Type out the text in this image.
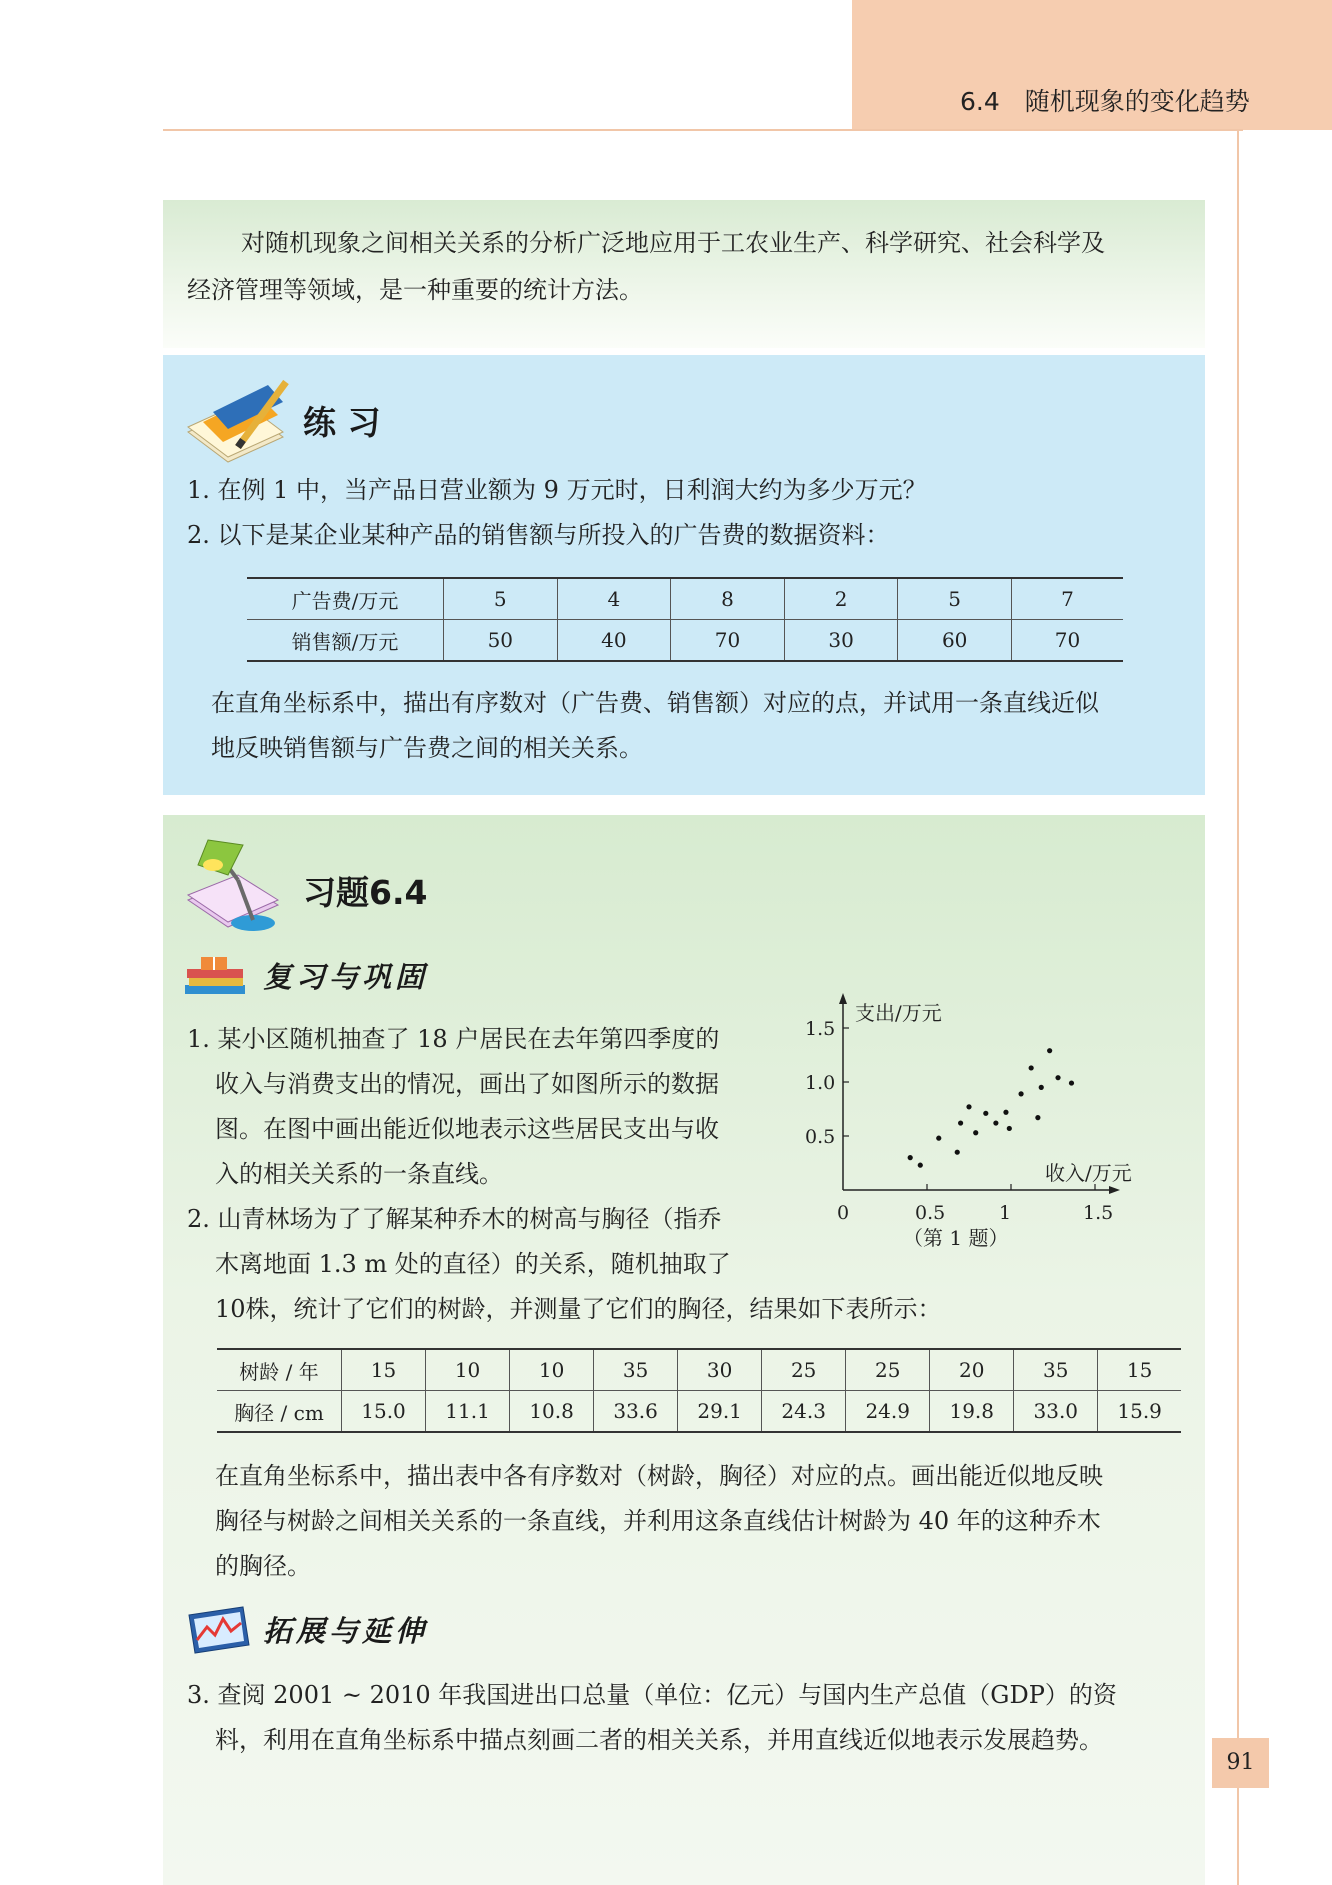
6.4　随机现象的变化趋势
对随机现象之间相关关系的分析广泛地应用于工农业生产、科学研究、社会科学及
经济管理等领域，是一种重要的统计方法。
练 习
1. 在例 1 中，当产品日营业额为 9 万元时，日利润大约为多少万元？
2. 以下是某企业某种产品的销售额与所投入的广告费的数据资料：
广告费/万元	5	4	8	2	5	7
销售额/万元	50	40	70	30	60	70
在直角坐标系中，描出有序数对（广告费、销售额）对应的点，并试用一条直线近似
地反映销售额与广告费之间的相关关系。
习题6.4
复习与巩固
1. 某小区随机抽查了 18 户居民在去年第四季度的
收入与消费支出的情况，画出了如图所示的数据
图。在图中画出能近似地表示这些居民支出与收
入的相关关系的一条直线。
2. 山青林场为了了解某种乔木的树高与胸径（指乔
木离地面 1.3 m 处的直径）的关系，随机抽取了
10株，统计了它们的树龄，并测量了它们的胸径，结果如下表所示：
支出/万元
收入/万元
0	0.5	1	1.5
0.5
1.0
1.5
（第 1 题）
树龄 / 年	15	10	10	35	30	25	25	20	35	15
胸径 / cm	15.0	11.1	10.8	33.6	29.1	24.3	24.9	19.8	33.0	15.9
在直角坐标系中，描出表中各有序数对（树龄，胸径）对应的点。画出能近似地反映
胸径与树龄之间相关关系的一条直线，并利用这条直线估计树龄为 40 年的这种乔木
的胸径。
拓展与延伸
3. 查阅 2001 ~ 2010 年我国进出口总量（单位：亿元）与国内生产总值（GDP）的资
料，利用在直角坐标系中描点刻画二者的相关关系，并用直线近似地表示发展趋势。
91
